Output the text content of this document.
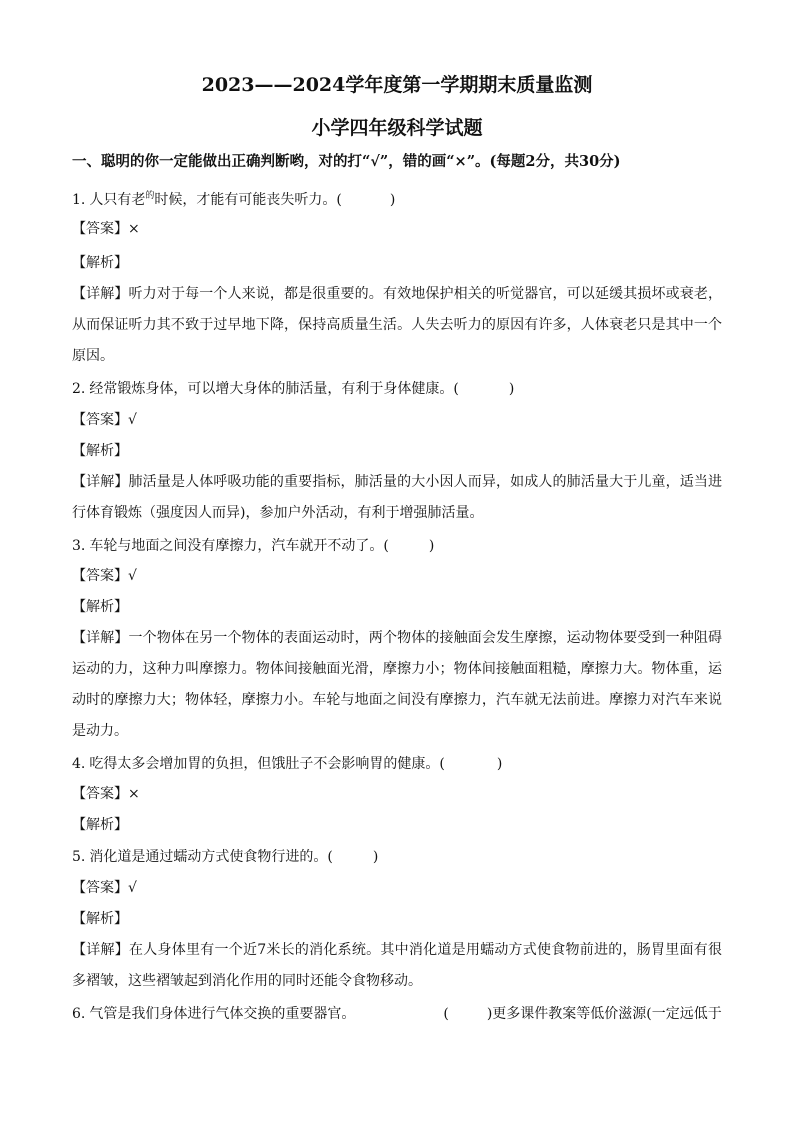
2023——2024学年度第一学期期末质量监测
小学四年级科学试题
一、聪明的你一定能做出正确判断哟，对的打“√”，错的画“×”。(每题2分，共30分)
1. 人只有老$^的$时候，才能有可能丧失听力。(	)
【答案】×
【解析】
【详解】听力对于每一个人来说，都是很重要的。有效地保护相关的听觉器官，可以延缓其损坏或衰老，从而保证听力其不致于过早地下降，保持高质量生活。人失去听力的原因有许多，人体衰老只是其中一个原因。
2. 经常锻炼身体，可以增大身体的肺活量，有利于身体健康。(	)
【答案】√
【解析】
【详解】肺活量是人体呼吸功能的重要指标，肺活量的大小因人而异，如成人的肺活量大于儿童，适当进行体育锻炼（强度因人而异)，参加户外活动，有利于增强肺活量。
3. 车轮与地面之间没有摩擦力，汽车就开不动了。(	)
【答案】√
【解析】
【详解】一个物体在另一个物体的表面运动时，两个物体的接触面会发生摩擦，运动物体要受到一种阻碍运动的力，这种力叫摩擦力。物体间接触面光滑，摩擦力小；物体间接触面粗糙，摩擦力大。物体重，运动时的摩擦力大；物体轻，摩擦力小。车轮与地面之间没有摩擦力，汽车就无法前进。摩擦力对汽车来说是动力。
4. 吃得太多会增加胃的负担，但饿肚子不会影响胃的健康。(	)
【答案】×
【解析】
5. 消化道是通过蠕动方式使食物行进的。(	)
【答案】√
【解析】
【详解】在人身体里有一个近7米长的消化系统。其中消化道是用蠕动方式使食物前进的，肠胃里面有很多褶皱，这些褶皱起到消化作用的同时还能令食物移动。
6. 气管是我们身体进行气体交换的重要器官。	(	)更多课件教案等低价滋源(一定远低于
